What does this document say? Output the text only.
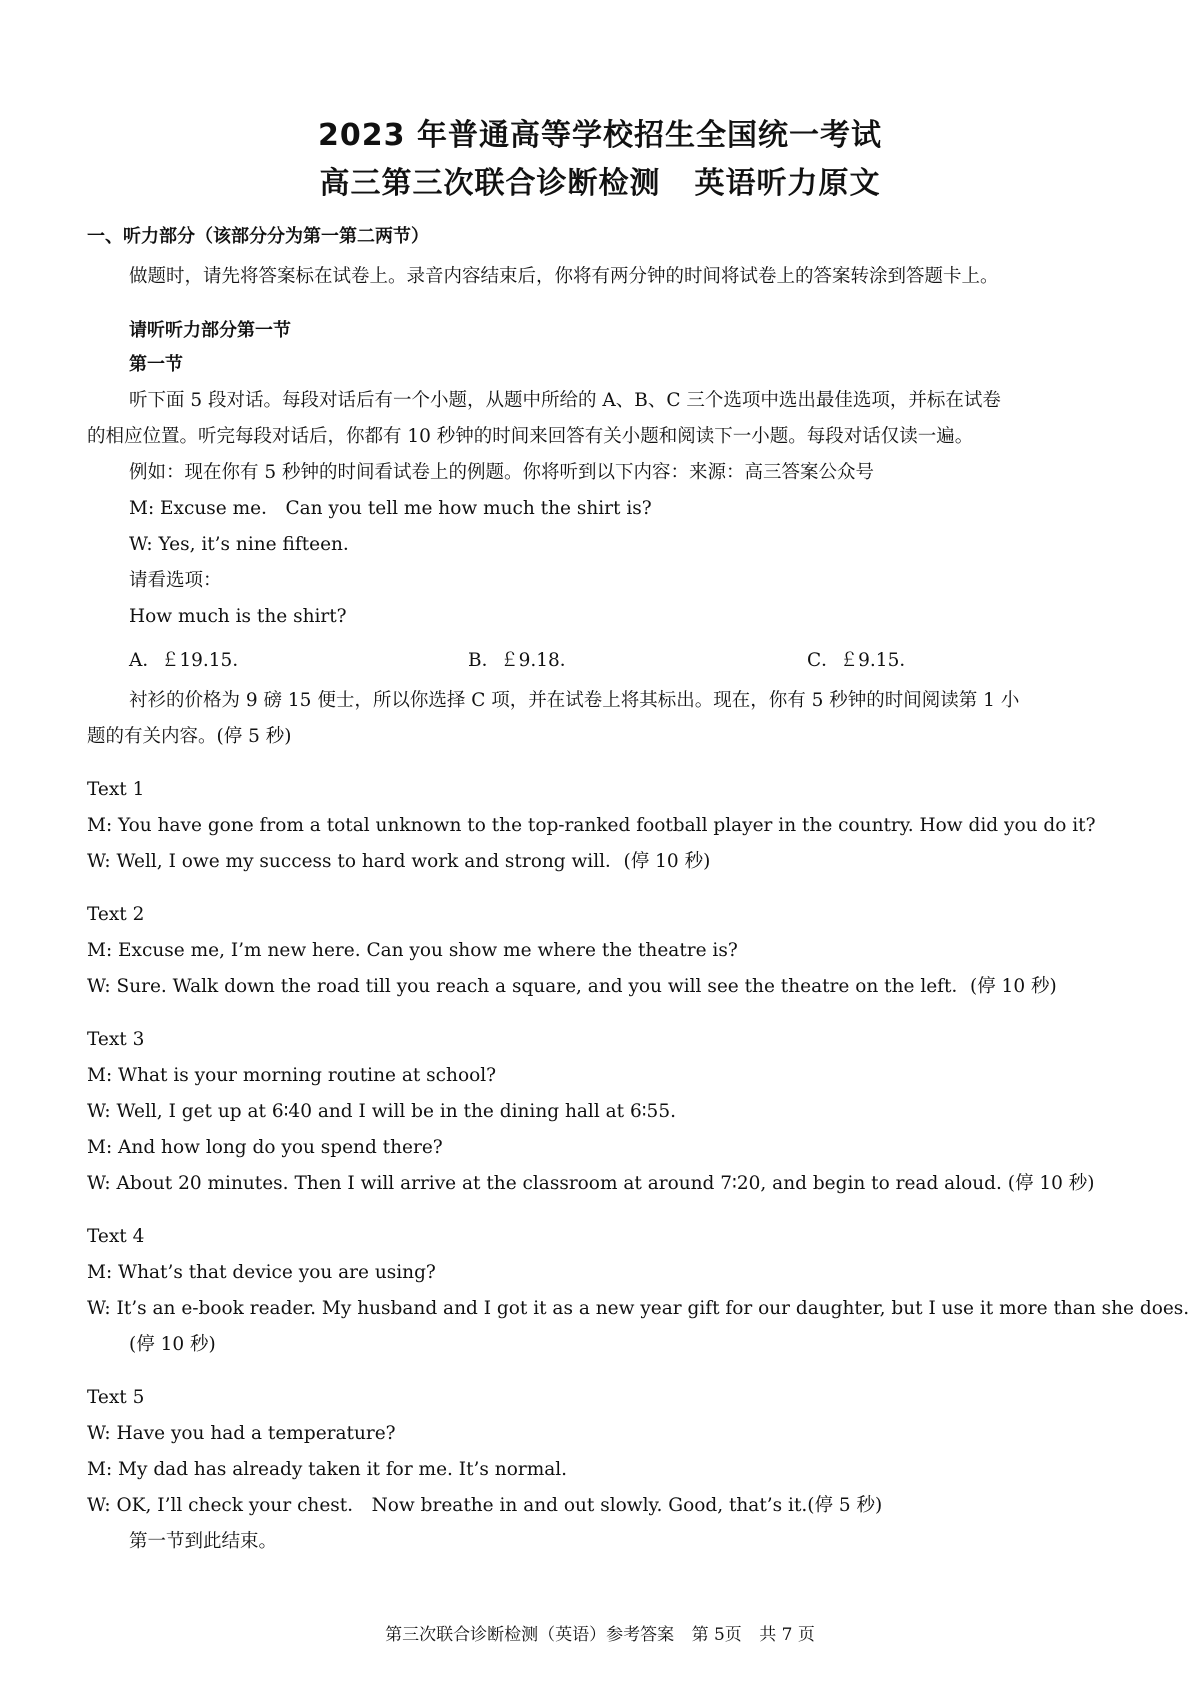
2023 年普通高等学校招生全国统一考试
高三第三次联合诊断检测 英语听力原文
一、听力部分（该部分分为第一第二两节）
做题时，请先将答案标在试卷上。录音内容结束后，你将有两分钟的时间将试卷上的答案转涂到答题卡上。
请听听力部分第一节
第一节
听下面 5 段对话。每段对话后有一个小题，从题中所给的 A、B、C 三个选项中选出最佳选项，并标在试卷
的相应位置。听完每段对话后，你都有 10 秒钟的时间来回答有关小题和阅读下一小题。每段对话仅读一遍。
例如：现在你有 5 秒钟的时间看试卷上的例题。你将听到以下内容：来源：高三答案公众号
M: Excuse me． Can you tell me how much the shirt is?
W: Yes, it’s nine fifteen．
请看选项：
How much is the shirt?
A．￡19.15．	B．￡9.18．	C．￡9.15．
衬衫的价格为 9 磅 15 便士，所以你选择 C 项，并在试卷上将其标出。现在，你有 5 秒钟的时间阅读第 1 小
题的有关内容。(停 5 秒)
Text 1
M: You have gone from a total unknown to the top-ranked football player in the country. How did you do it?
W: Well, I owe my success to hard work and strong will．(停 10 秒)
Text 2
M: Excuse me, I’m new here. Can you show me where the theatre is?
W: Sure. Walk down the road till you reach a square, and you will see the theatre on the left．(停 10 秒)
Text 3
M: What is your morning routine at school?
W: Well, I get up at 6∶40 and I will be in the dining hall at 6∶55.
M: And how long do you spend there?
W: About 20 minutes. Then I will arrive at the classroom at around 7∶20, and begin to read aloud. (停 10 秒)
Text 4
M: What’s that device you are using?
W: It’s an e-book reader. My husband and I got it as a new year gift for our daughter, but I use it more than she does.
(停 10 秒)
Text 5
W: Have you had a temperature?
M: My dad has already taken it for me. It’s normal.
W: OK, I’ll check your chest． Now breathe in and out slowly. Good, that’s it.(停 5 秒)
第一节到此结束。
第三次联合诊断检测（英语）参考答案 第 5页 共 7 页
